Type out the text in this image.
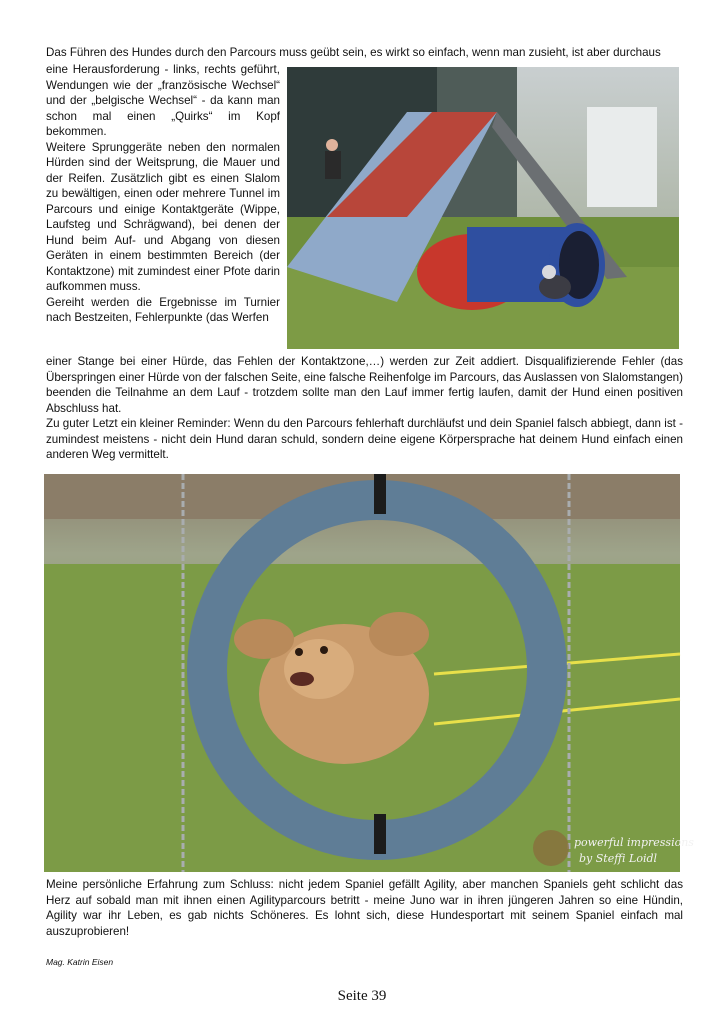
Das Führen des Hundes durch den Parcours muss geübt sein, es wirkt so einfach, wenn man zusieht, ist aber durchaus

eine Herausforderung - links, rechts geführt, Wendungen wie der „französische Wechsel“ und der „belgische Wechsel“ - da kann man schon mal einen „Quirks“ im Kopf bekommen.

Weitere Sprunggeräte neben den normalen Hürden sind der Weitsprung, die Mauer und der Reifen. Zusätzlich gibt es einen Slalom zu bewältigen, einen oder mehrere Tunnel im Parcours und einige Kontaktgeräte (Wippe, Laufsteg und Schrägwand), bei denen der Hund beim Auf- und Abgang von diesen Geräten in einem bestimmten Bereich (der Kontaktzone) mit zumindest einer Pfote darin aufkommen muss.

Gereiht werden die Ergebnisse im Turnier nach Bestzeiten, Fehlerpunkte (das Werfen

einer Stange bei einer Hürde, das Fehlen der Kontaktzone,…) werden zur Zeit addiert. Disqualifizierende Fehler (das Überspringen einer Hürde von der falschen Seite, eine falsche Reihenfolge im Parcours, das Auslassen von Slalomstangen) beenden die Teilnahme an dem Lauf - trotzdem sollte man den Lauf immer fertig laufen, damit der Hund einen positiven Abschluss hat.

Zu guter Letzt ein kleiner Reminder: Wenn du den Parcours fehlerhaft durchläufst und dein Spaniel falsch abbiegt, dann ist - zumindest meistens - nicht dein Hund daran schuld, sondern deine eigene Körpersprache hat deinem Hund einfach einen anderen Weg vermittelt.

powerful impressions
by Steffi Loidl
Meine persönliche Erfahrung zum Schluss: nicht jedem Spaniel gefällt Agility, aber manchen Spaniels geht schlicht das Herz auf sobald man mit ihnen einen Agilityparcours betritt - meine Juno war in ihren jüngeren Jahren so eine Hündin, Agility war ihr Leben, es gab nichts Schöneres. Es lohnt sich, diese Hundesportart mit seinem Spaniel einfach mal auszuprobieren!
Mag. Katrin Eisen
Seite 39
